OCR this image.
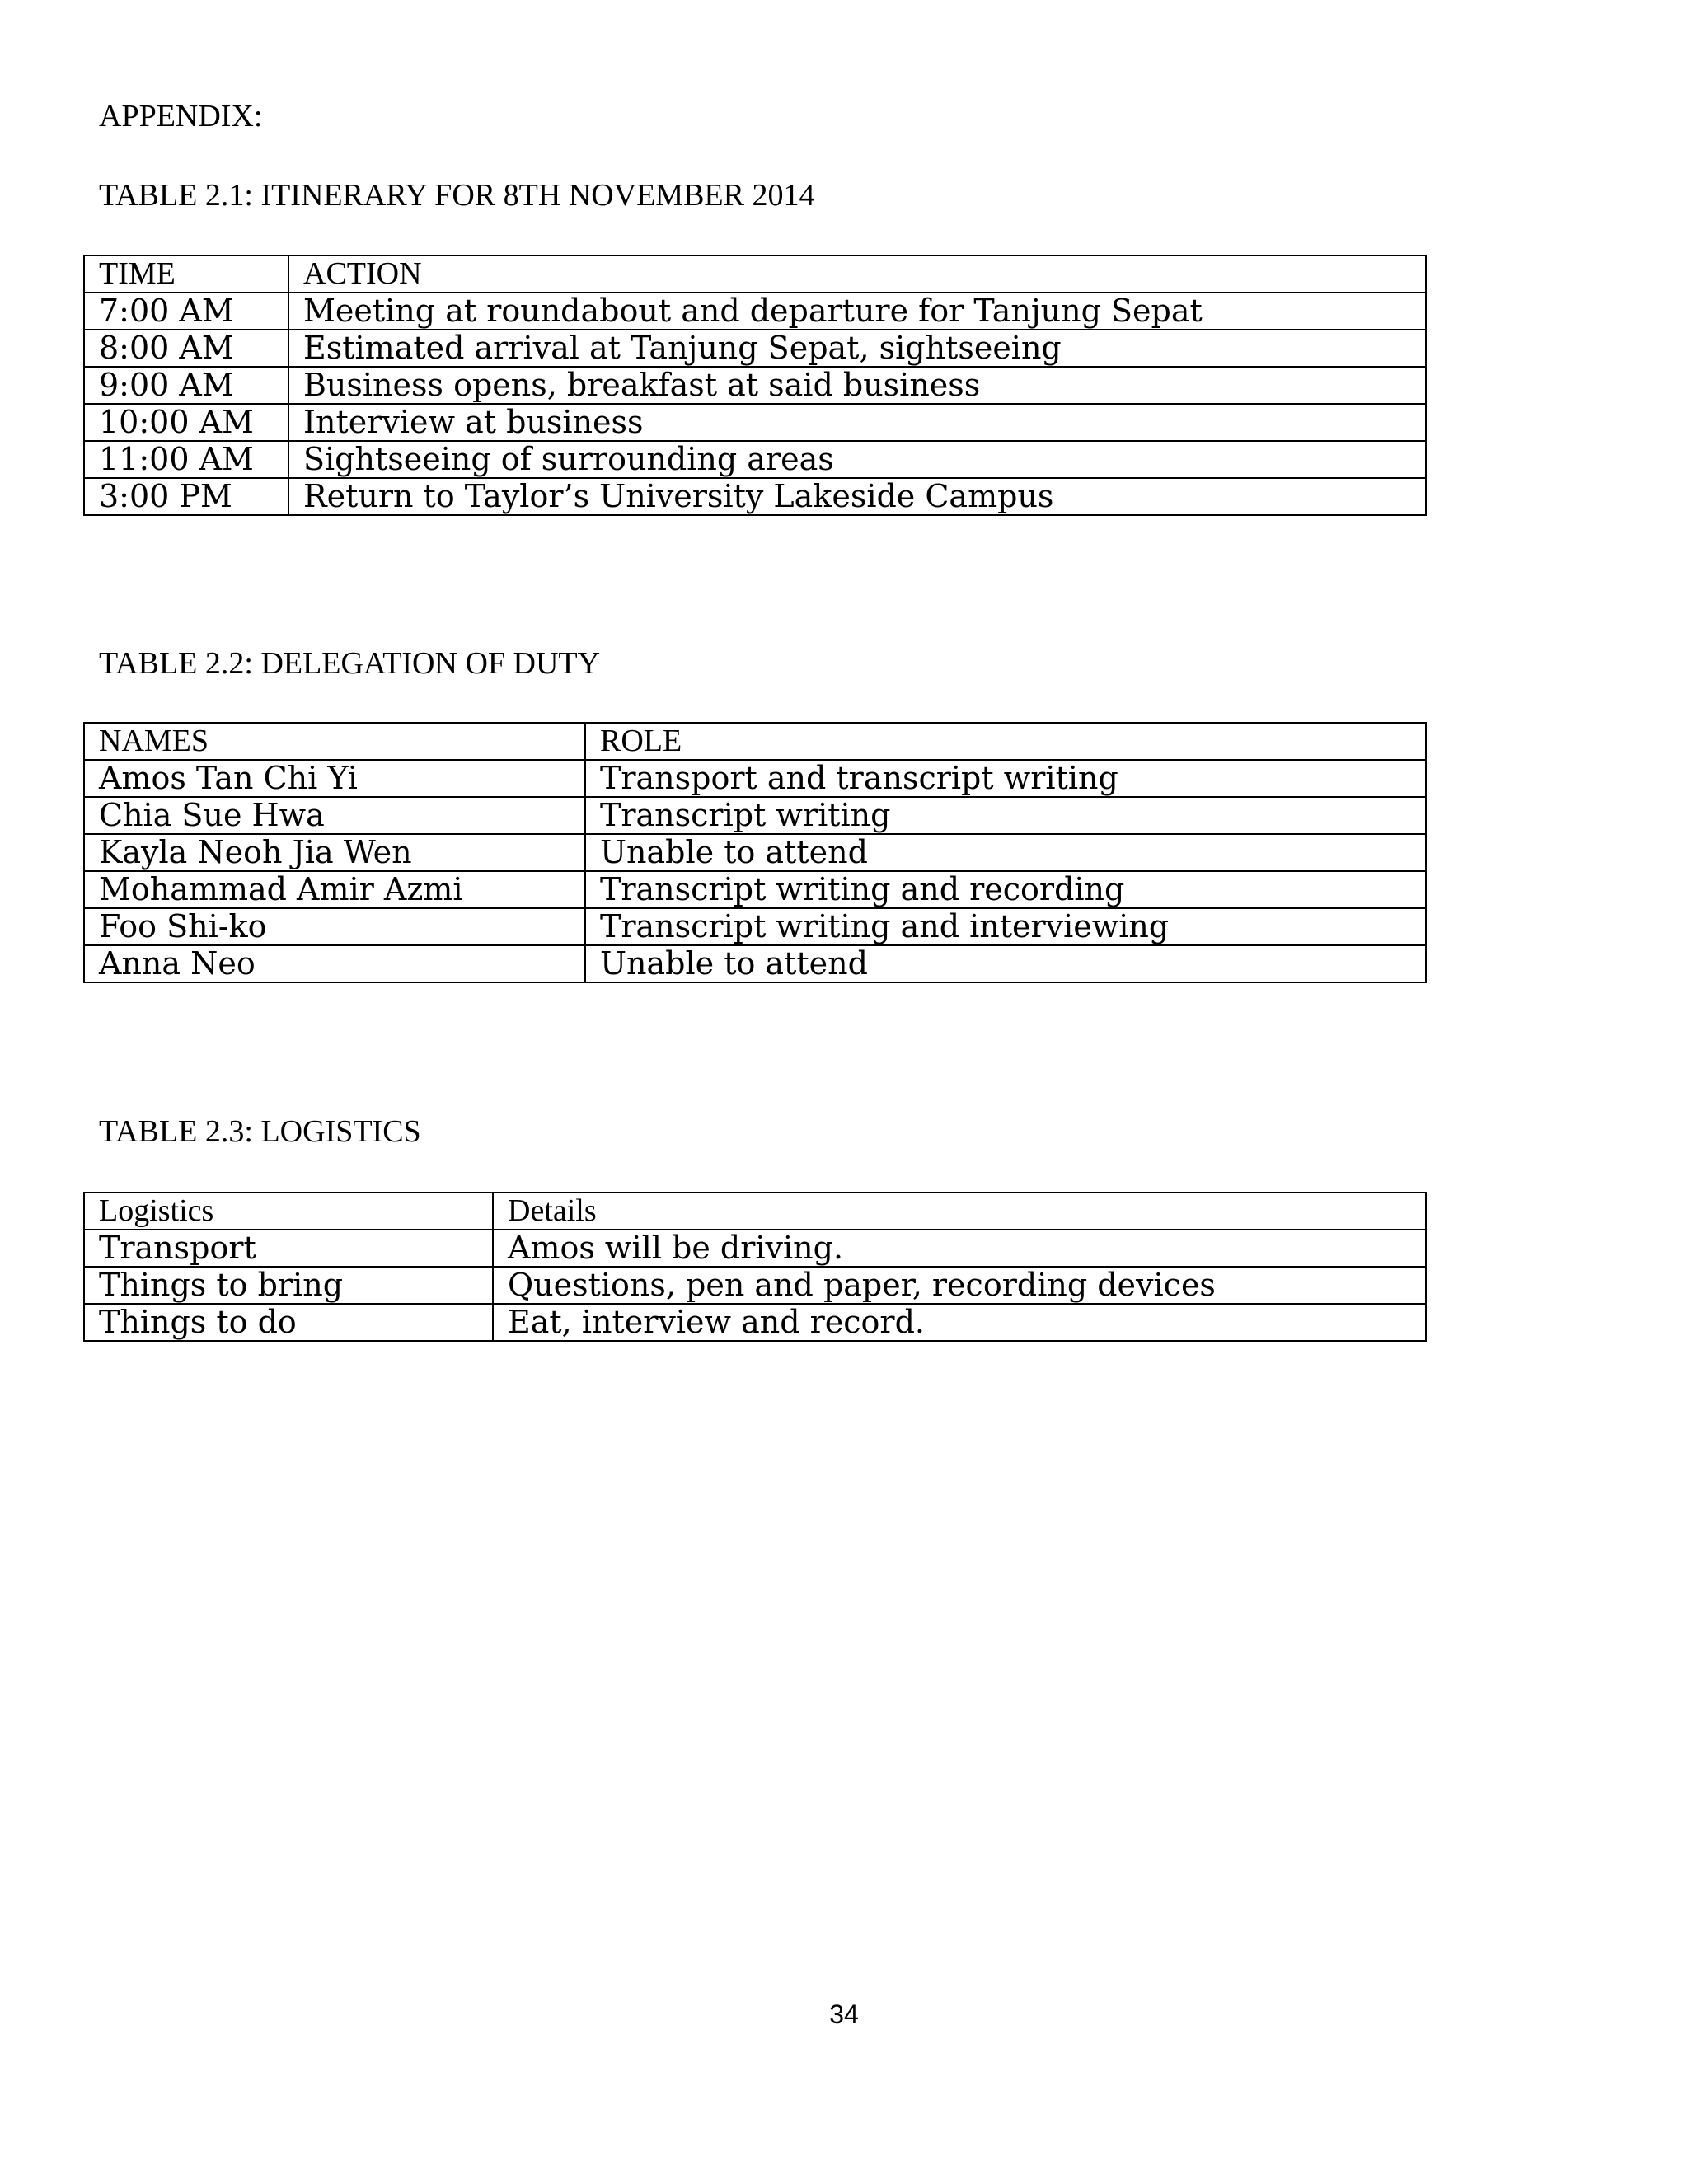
APPENDIX:
TABLE 2.1: ITINERARY FOR 8TH NOVEMBER 2014
TIME	ACTION
7:00 AM	Meeting at roundabout and departure for Tanjung Sepat
8:00 AM	Estimated arrival at Tanjung Sepat, sightseeing
9:00 AM	Business opens, breakfast at said business
10:00 AM	Interview at business
11:00 AM	Sightseeing of surrounding areas
3:00 PM	Return to Taylor’s University Lakeside Campus
TABLE 2.2: DELEGATION OF DUTY
NAMES	ROLE
Amos Tan Chi Yi	Transport and transcript writing
Chia Sue Hwa	Transcript writing
Kayla Neoh Jia Wen	Unable to attend
Mohammad Amir Azmi	Transcript writing and recording
Foo Shi-ko	Transcript writing and interviewing
Anna Neo	Unable to attend
TABLE 2.3: LOGISTICS
Logistics	Details
Transport	Amos will be driving.
Things to bring	Questions, pen and paper, recording devices
Things to do	Eat, interview and record.
34
